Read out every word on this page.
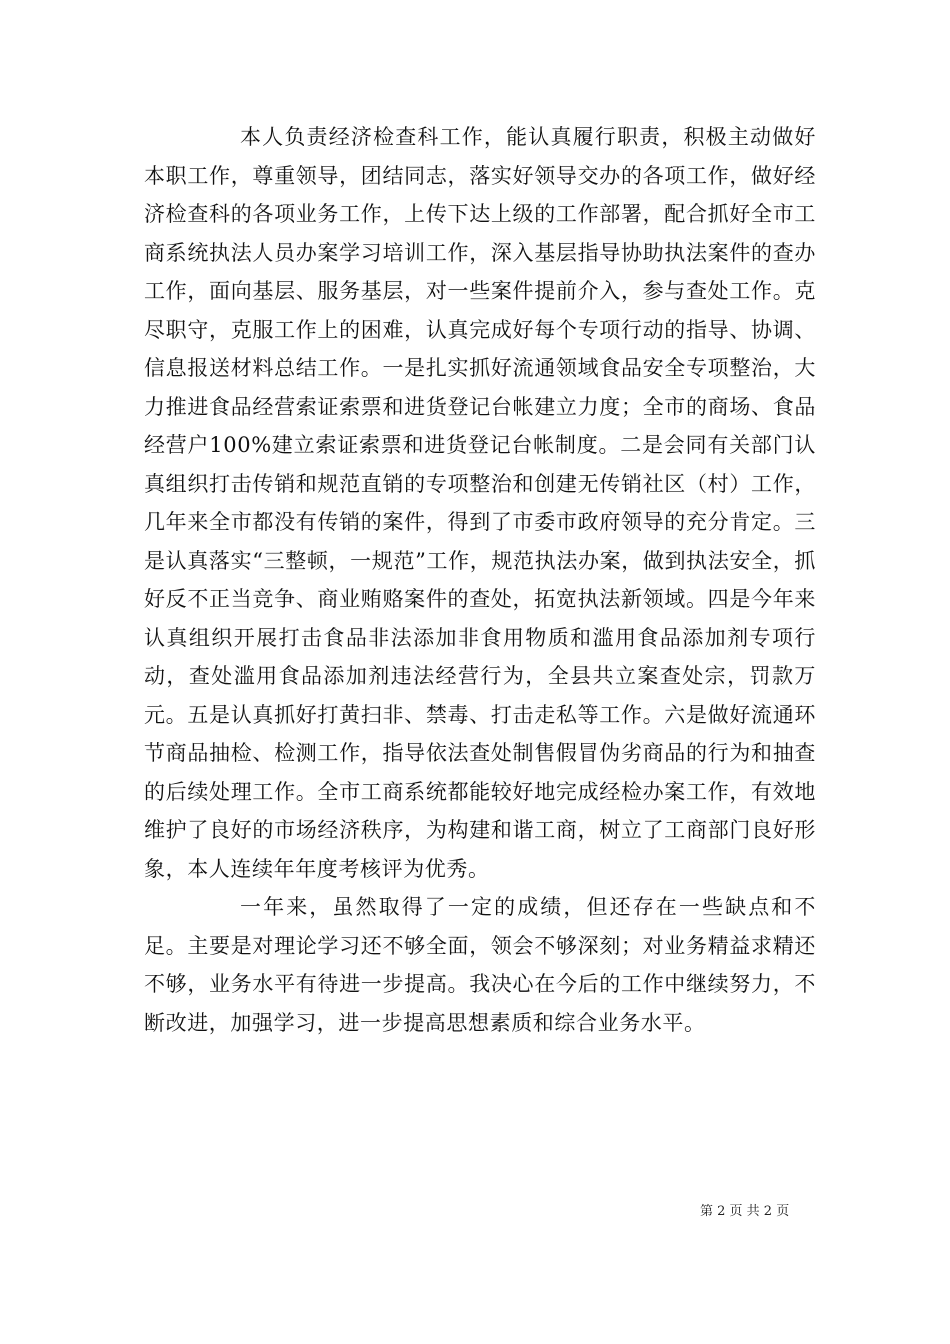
本人负责经济检查科工作，能认真履行职责，积极主动做好本职工作，尊重领导，团结同志，落实好领导交办的各项工作，做好经济检查科的各项业务工作，上传下达上级的工作部署，配合抓好全市工商系统执法人员办案学习培训工作，深入基层指导协助执法案件的查办工作，面向基层、服务基层，对一些案件提前介入，参与查处工作。克尽职守，克服工作上的困难，认真完成好每个专项行动的指导、协调、信息报送材料总结工作。一是扎实抓好流通领域食品安全专项整治，大力推进食品经营索证索票和进货登记台帐建立力度；全市的商场、食品经营户100%建立索证索票和进货登记台帐制度。二是会同有关部门认真组织打击传销和规范直销的专项整治和创建无传销社区（村）工作，几年来全市都没有传销的案件，得到了市委市政府领导的充分肯定。三是认真落实“三整顿，一规范”工作，规范执法办案，做到执法安全，抓好反不正当竞争、商业贿赂案件的查处，拓宽执法新领域。四是今年来认真组织开展打击食品非法添加非食用物质和滥用食品添加剂专项行动，查处滥用食品添加剂违法经营行为，全县共立案查处宗，罚款万元。五是认真抓好打黄扫非、禁毒、打击走私等工作。六是做好流通环节商品抽检、检测工作，指导依法查处制售假冒伪劣商品的行为和抽查的后续处理工作。全市工商系统都能较好地完成经检办案工作，有效地维护了良好的市场经济秩序，为构建和谐工商，树立了工商部门良好形象，本人连续年年度考核评为优秀。

一年来，虽然取得了一定的成绩，但还存在一些缺点和不足。主要是对理论学习还不够全面，领会不够深刻；对业务精益求精还不够，业务水平有待进一步提高。我决心在今后的工作中继续努力，不断改进，加强学习，进一步提高思想素质和综合业务水平。

第 2 页 共 2 页
